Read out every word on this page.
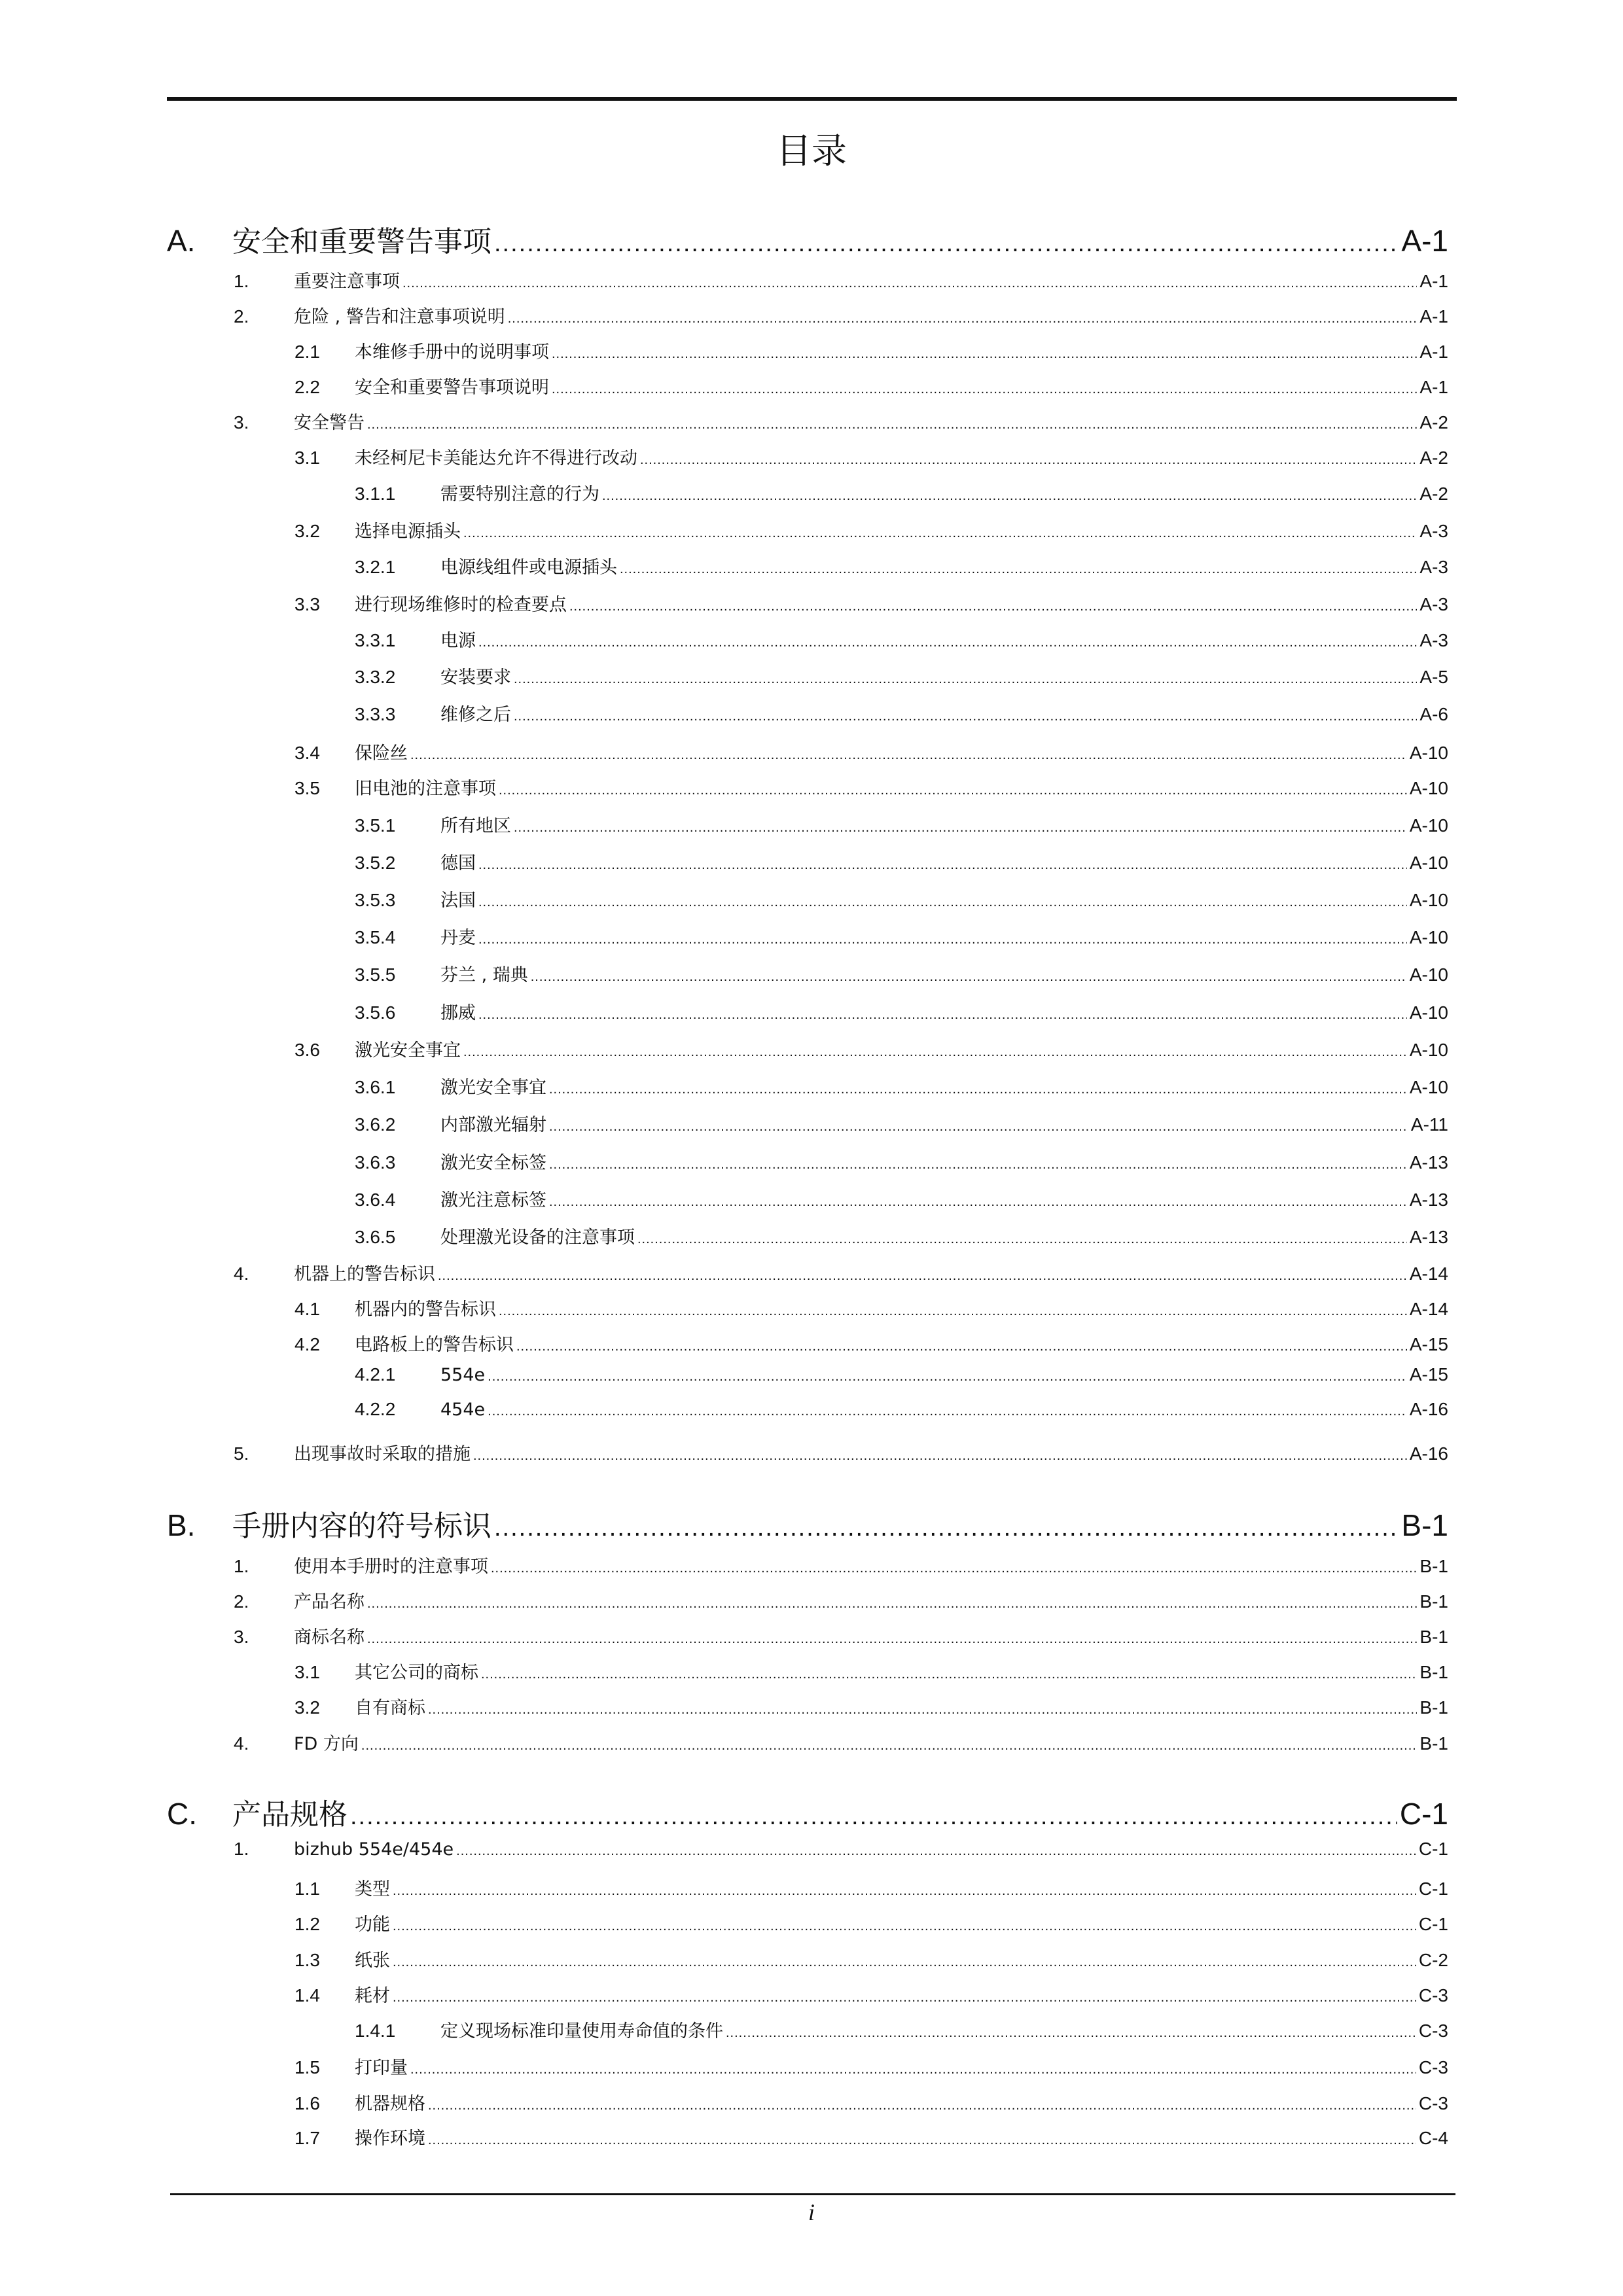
目录
A.	安全和重要警告事项 .....	A-1
1.	重要注意事项 .....	A-1
2.	危险 , 警告和注意事项说明 .....	A-1
2.1	本维修手册中的说明事项 .....	A-1
2.2	安全和重要警告事项说明 .....	A-1
3.	安全警告 .....	A-2
3.1	未经柯尼卡美能达允许不得进行改动 .....	A-2
3.1.1	需要特别注意的行为 .....	A-2
3.2	选择电源插头 .....	A-3
3.2.1	电源线组件或电源插头 .....	A-3
3.3	进行现场维修时的检查要点 .....	A-3
3.3.1	电源 .....	A-3
3.3.2	安装要求 .....	A-5
3.3.3	维修之后 .....	A-6
3.4	保险丝 .....	A-10
3.5	旧电池的注意事项 .....	A-10
3.5.1	所有地区 .....	A-10
3.5.2	德国 .....	A-10
3.5.3	法国 .....	A-10
3.5.4	丹麦 .....	A-10
3.5.5	芬兰 , 瑞典 .....	A-10
3.5.6	挪威 .....	A-10
3.6	激光安全事宜 .....	A-10
3.6.1	激光安全事宜 .....	A-10
3.6.2	内部激光辐射 .....	A-11
3.6.3	激光安全标签 .....	A-13
3.6.4	激光注意标签 .....	A-13
3.6.5	处理激光设备的注意事项 .....	A-13
4.	机器上的警告标识 .....	A-14
4.1	机器内的警告标识 .....	A-14
4.2	电路板上的警告标识 .....	A-15
4.2.1	554e .....	A-15
4.2.2	454e .....	A-16
5.	出现事故时采取的措施 .....	A-16
B.	手册内容的符号标识 .....	B-1
1.	使用本手册时的注意事项 .....	B-1
2.	产品名称 .....	B-1
3.	商标名称 .....	B-1
3.1	其它公司的商标 .....	B-1
3.2	自有商标 .....	B-1
4.	FD 方向 .....	B-1
C.	产品规格 .....	C-1
1.	bizhub 554e/454e .....	C-1
1.1	类型 .....	C-1
1.2	功能 .....	C-1
1.3	纸张 .....	C-2
1.4	耗材 .....	C-3
1.4.1	定义现场标准印量使用寿命值的条件 .....	C-3
1.5	打印量 .....	C-3
1.6	机器规格 .....	C-3
1.7	操作环境 .....	C-4
i
